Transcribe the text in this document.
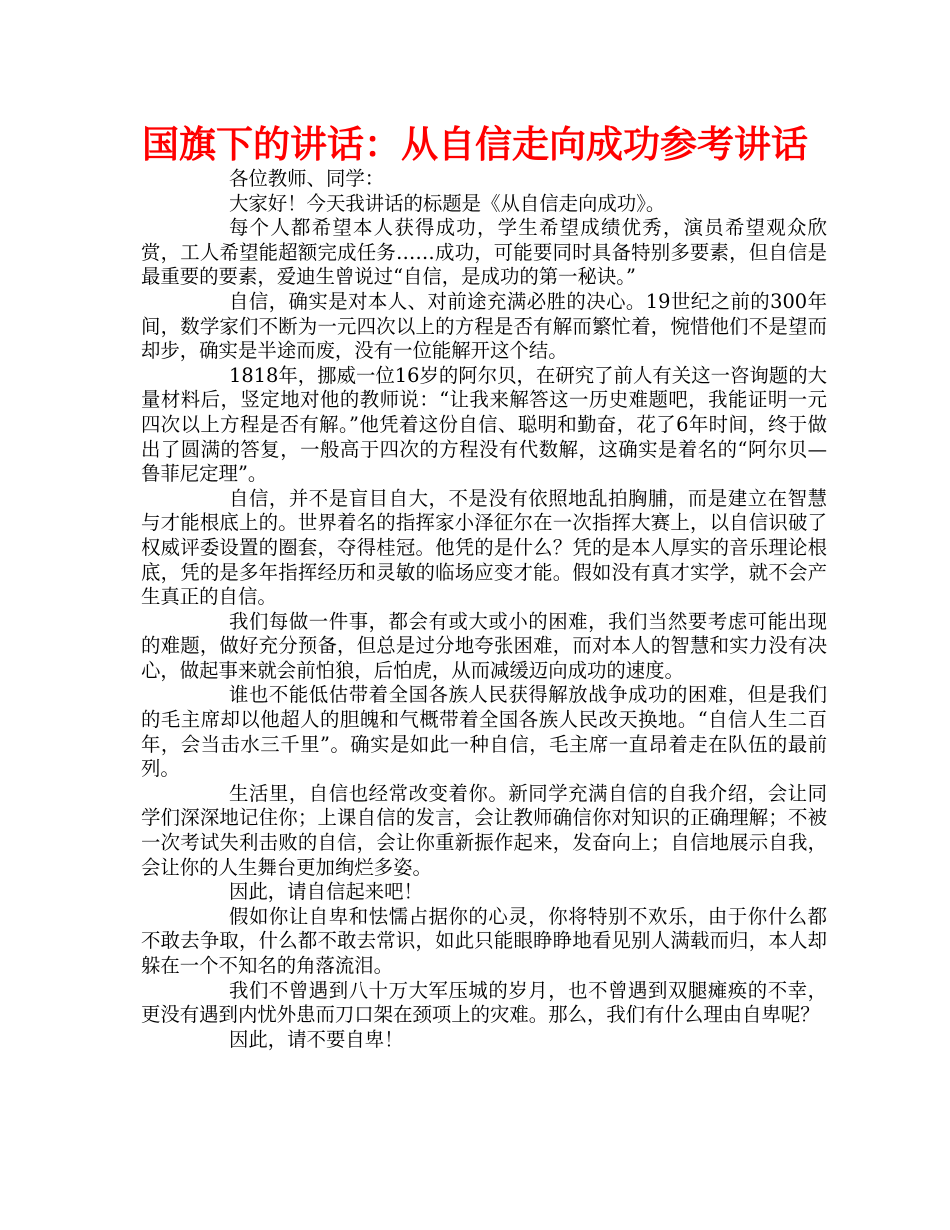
国旗下的讲话：从自信走向成功参考讲话

各位教师、同学：

大家好！今天我讲话的标题是《从自信走向成功》。

每个人都希望本人获得成功，学生希望成绩优秀，演员希望观众欣赏，工人希望能超额完成任务……成功，可能要同时具备特别多要素，但自信是最重要的要素，爱迪生曾说过“自信，是成功的第一秘诀。”

自信，确实是对本人、对前途充满必胜的决心。19世纪之前的300年间，数学家们不断为一元四次以上的方程是否有解而繁忙着，惋惜他们不是望而却步，确实是半途而废，没有一位能解开这个结。

1818年，挪威一位16岁的阿尔贝，在研究了前人有关这一咨询题的大量材料后，竖定地对他的教师说：“让我来解答这一历史难题吧，我能证明一元四次以上方程是否有解。”他凭着这份自信、聪明和勤奋，花了6年时间，终于做出了圆满的答复，一般高于四次的方程没有代数解，这确实是着名的“阿尔贝—鲁菲尼定理”。

自信，并不是盲目自大，不是没有依照地乱拍胸脯，而是建立在智慧与才能根底上的。世界着名的指挥家小泽征尔在一次指挥大赛上，以自信识破了权威评委设置的圈套，夺得桂冠。他凭的是什么？凭的是本人厚实的音乐理论根底，凭的是多年指挥经历和灵敏的临场应变才能。假如没有真才实学，就不会产生真正的自信。

我们每做一件事，都会有或大或小的困难，我们当然要考虑可能出现的难题，做好充分预备，但总是过分地夸张困难，而对本人的智慧和实力没有决心，做起事来就会前怕狼，后怕虎，从而减缓迈向成功的速度。

谁也不能低估带着全国各族人民获得解放战争成功的困难，但是我们的毛主席却以他超人的胆魄和气概带着全国各族人民改天换地。“自信人生二百年，会当击水三千里”。确实是如此一种自信，毛主席一直昂着走在队伍的最前列。

生活里，自信也经常改变着你。新同学充满自信的自我介绍，会让同学们深深地记住你；上课自信的发言，会让教师确信你对知识的正确理解；不被一次考试失利击败的自信，会让你重新振作起来，发奋向上；自信地展示自我，会让你的人生舞台更加绚烂多姿。

因此，请自信起来吧！

假如你让自卑和怯懦占据你的心灵，你将特别不欢乐，由于你什么都不敢去争取，什么都不敢去常识，如此只能眼睁睁地看见别人满载而归，本人却躲在一个不知名的角落流泪。

我们不曾遇到八十万大军压城的岁月，也不曾遇到双腿瘫痪的不幸，更没有遇到内忧外患而刀口架在颈项上的灾难。那么，我们有什么理由自卑呢？

因此，请不要自卑！
